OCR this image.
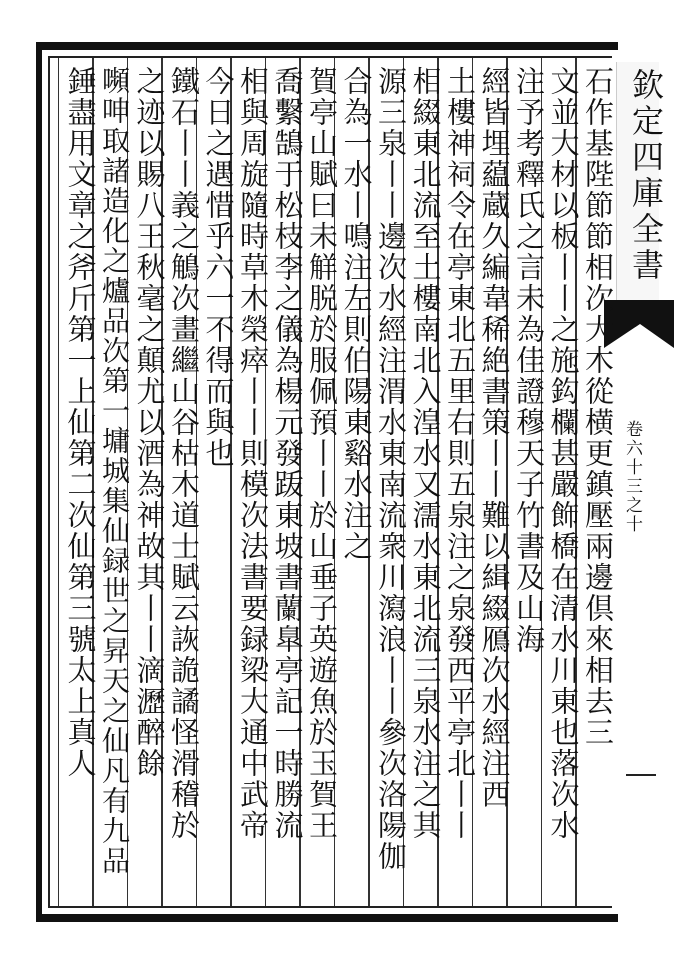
欽定四庫全書
卷六十三之十
石作基陛節節相次大木從横更鎮壓兩邊倶來相去三
文並大材以板丨丨之施鈎欄甚嚴飾橋在清水川東也落次水
注予考釋氏之言未為佳證穆天子竹書及山海
經皆埋藴蔵久編韋稀絶書策丨丨難以緝綴鴈次水經注西
土樓神祠令在亭東北五里右則五泉注之泉發西平亭北丨丨
相綴東北流至土樓南北入湟水又濡水東北流三泉水注之其
源三泉丨丨邊次水經注渭水東南流衆川瀉浪丨丨參次洛陽伽
合為一水丨鳴注左則伯陽東谿水注之
賀亭山賦曰未觧脱於服佩預丨丨於山垂子英遊魚於玉賀王
喬繫鵠于松枝李之儀為楊元發䟦東坡書蘭臯亭記一時勝流
相與周旋隨時草木榮瘁丨丨則模次法書要録梁大通中武帝
今日之遇惜乎六一不得而與也
鐵石丨丨義之鵤次畫繼山谷枯木道士賦云詼詭譎怪滑稽於
之迹以賜八王秋毫之顛尤以酒為神故其丨丨滴瀝醉餘
嚬呻取諸造化之爐品次第一墉城集仙録世之昇天之仙凡有九品
錘盡用文章之斧斤第一上仙第二次仙第三號太上真人
